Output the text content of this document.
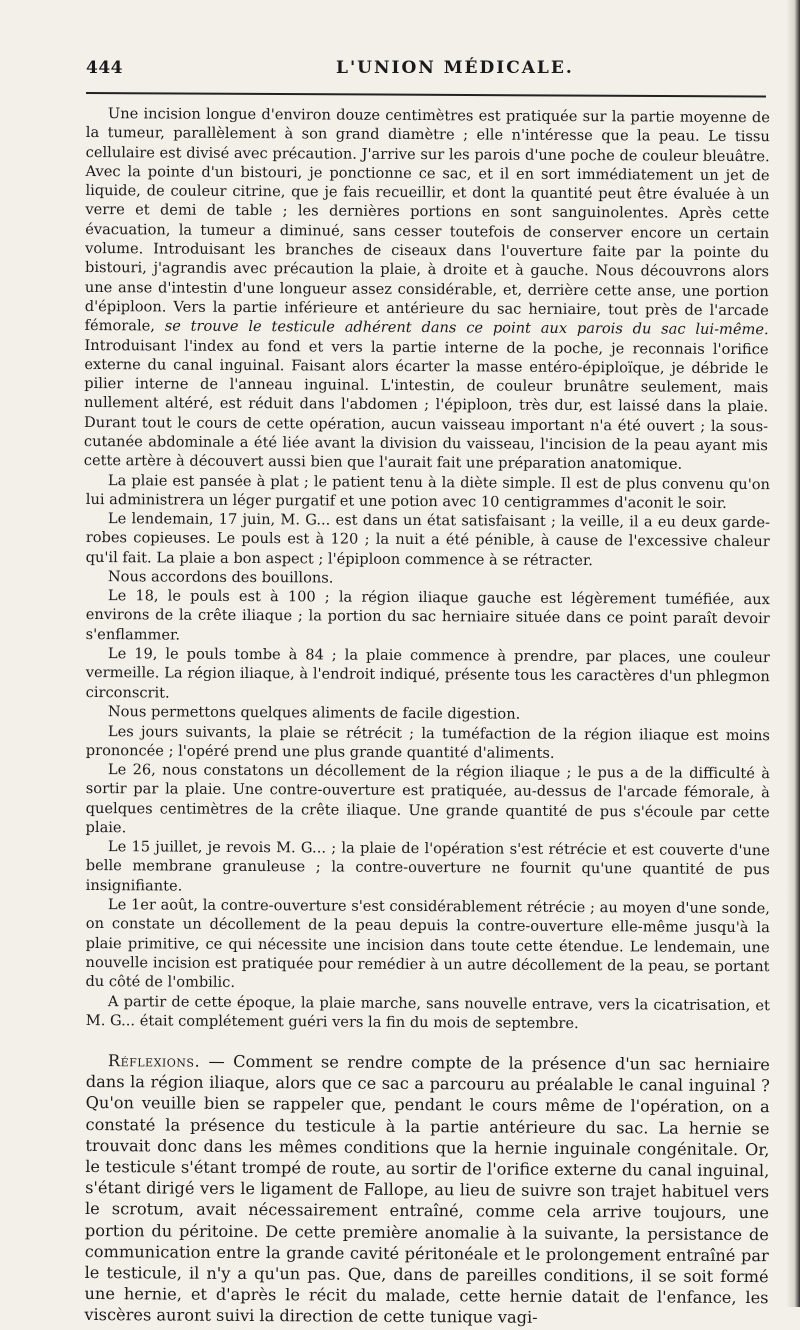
444	L'UNION MÉDICALE.

Une incision longue d'environ douze centimètres est pratiquée sur la partie moyenne de la tumeur, parallèlement à son grand diamètre ; elle n'intéresse que la peau. Le tissu cellulaire est divisé avec précaution. J'arrive sur les parois d'une poche de couleur bleuâtre. Avec la pointe d'un bistouri, je ponctionne ce sac, et il en sort immédiatement un jet de liquide, de couleur citrine, que je fais recueillir, et dont la quantité peut être évaluée à un verre et demi de table ; les dernières portions en sont sanguinolentes. Après cette évacuation, la tumeur a diminué, sans cesser toutefois de conserver encore un certain volume. Introduisant les branches de ciseaux dans l'ouverture faite par la pointe du bistouri, j'agrandis avec précaution la plaie, à droite et à gauche. Nous découvrons alors une anse d'intestin d'une longueur assez considérable, et, derrière cette anse, une portion d'épiploon. Vers la partie inférieure et antérieure du sac herniaire, tout près de l'arcade fémorale, se trouve le testicule adhérent dans ce point aux parois du sac lui-même. Introduisant l'index au fond et vers la partie interne de la poche, je reconnais l'orifice externe du canal inguinal. Faisant alors écarter la masse entéro-épiploïque, je débride le pilier interne de l'anneau inguinal. L'intestin, de couleur brunâtre seulement, mais nullement altéré, est réduit dans l'abdomen ; l'épiploon, très dur, est laissé dans la plaie. Durant tout le cours de cette opération, aucun vaisseau important n'a été ouvert ; la sous-cutanée abdominale a été liée avant la division du vaisseau, l'incision de la peau ayant mis cette artère à découvert aussi bien que l'aurait fait une préparation anatomique.

La plaie est pansée à plat ; le patient tenu à la diète simple. Il est de plus convenu qu'on lui administrera un léger purgatif et une potion avec 10 centigrammes d'aconit le soir.

Le lendemain, 17 juin, M. G... est dans un état satisfaisant ; la veille, il a eu deux garde-robes copieuses. Le pouls est à 120 ; la nuit a été pénible, à cause de l'excessive chaleur qu'il fait. La plaie a bon aspect ; l'épiploon commence à se rétracter.

Nous accordons des bouillons.

Le 18, le pouls est à 100 ; la région iliaque gauche est légèrement tuméfiée, aux environs de la crête iliaque ; la portion du sac herniaire située dans ce point paraît devoir s'enflammer.

Le 19, le pouls tombe à 84 ; la plaie commence à prendre, par places, une couleur vermeille. La région iliaque, à l'endroit indiqué, présente tous les caractères d'un phlegmon circonscrit.

Nous permettons quelques aliments de facile digestion.

Les jours suivants, la plaie se rétrécit ; la tuméfaction de la région iliaque est moins prononcée ; l'opéré prend une plus grande quantité d'aliments.

Le 26, nous constatons un décollement de la région iliaque ; le pus a de la difficulté à sortir par la plaie. Une contre-ouverture est pratiquée, au-dessus de l'arcade fémorale, à quelques centimètres de la crête iliaque. Une grande quantité de pus s'écoule par cette plaie.

Le 15 juillet, je revois M. G... ; la plaie de l'opération s'est rétrécie et est couverte d'une belle membrane granuleuse ; la contre-ouverture ne fournit qu'une quantité de pus insignifiante.

Le 1er août, la contre-ouverture s'est considérablement rétrécie ; au moyen d'une sonde, on constate un décollement de la peau depuis la contre-ouverture elle-même jusqu'à la plaie primitive, ce qui nécessite une incision dans toute cette étendue. Le lendemain, une nouvelle incision est pratiquée pour remédier à un autre décollement de la peau, se portant du côté de l'ombilic.

A partir de cette époque, la plaie marche, sans nouvelle entrave, vers la cicatrisation, et M. G... était complétement guéri vers la fin du mois de septembre.

Réflexions. — Comment se rendre compte de la présence d'un sac herniaire dans la région iliaque, alors que ce sac a parcouru au préalable le canal inguinal ? Qu'on veuille bien se rappeler que, pendant le cours même de l'opération, on a constaté la présence du testicule à la partie antérieure du sac. La hernie se trouvait donc dans les mêmes conditions que la hernie inguinale congénitale. Or, le testicule s'étant trompé de route, au sortir de l'orifice externe du canal inguinal, s'étant dirigé vers le ligament de Fallope, au lieu de suivre son trajet habituel vers le scrotum, avait nécessairement entraîné, comme cela arrive toujours, une portion du péritoine. De cette première anomalie à la suivante, la persistance de communication entre la grande cavité péritonéale et le prolongement entraîné par le testicule, il n'y a qu'un pas. Que, dans de pareilles conditions, il se soit formé une hernie, et d'après le récit du malade, cette hernie datait de l'enfance, les viscères auront suivi la direction de cette tunique vagi-
